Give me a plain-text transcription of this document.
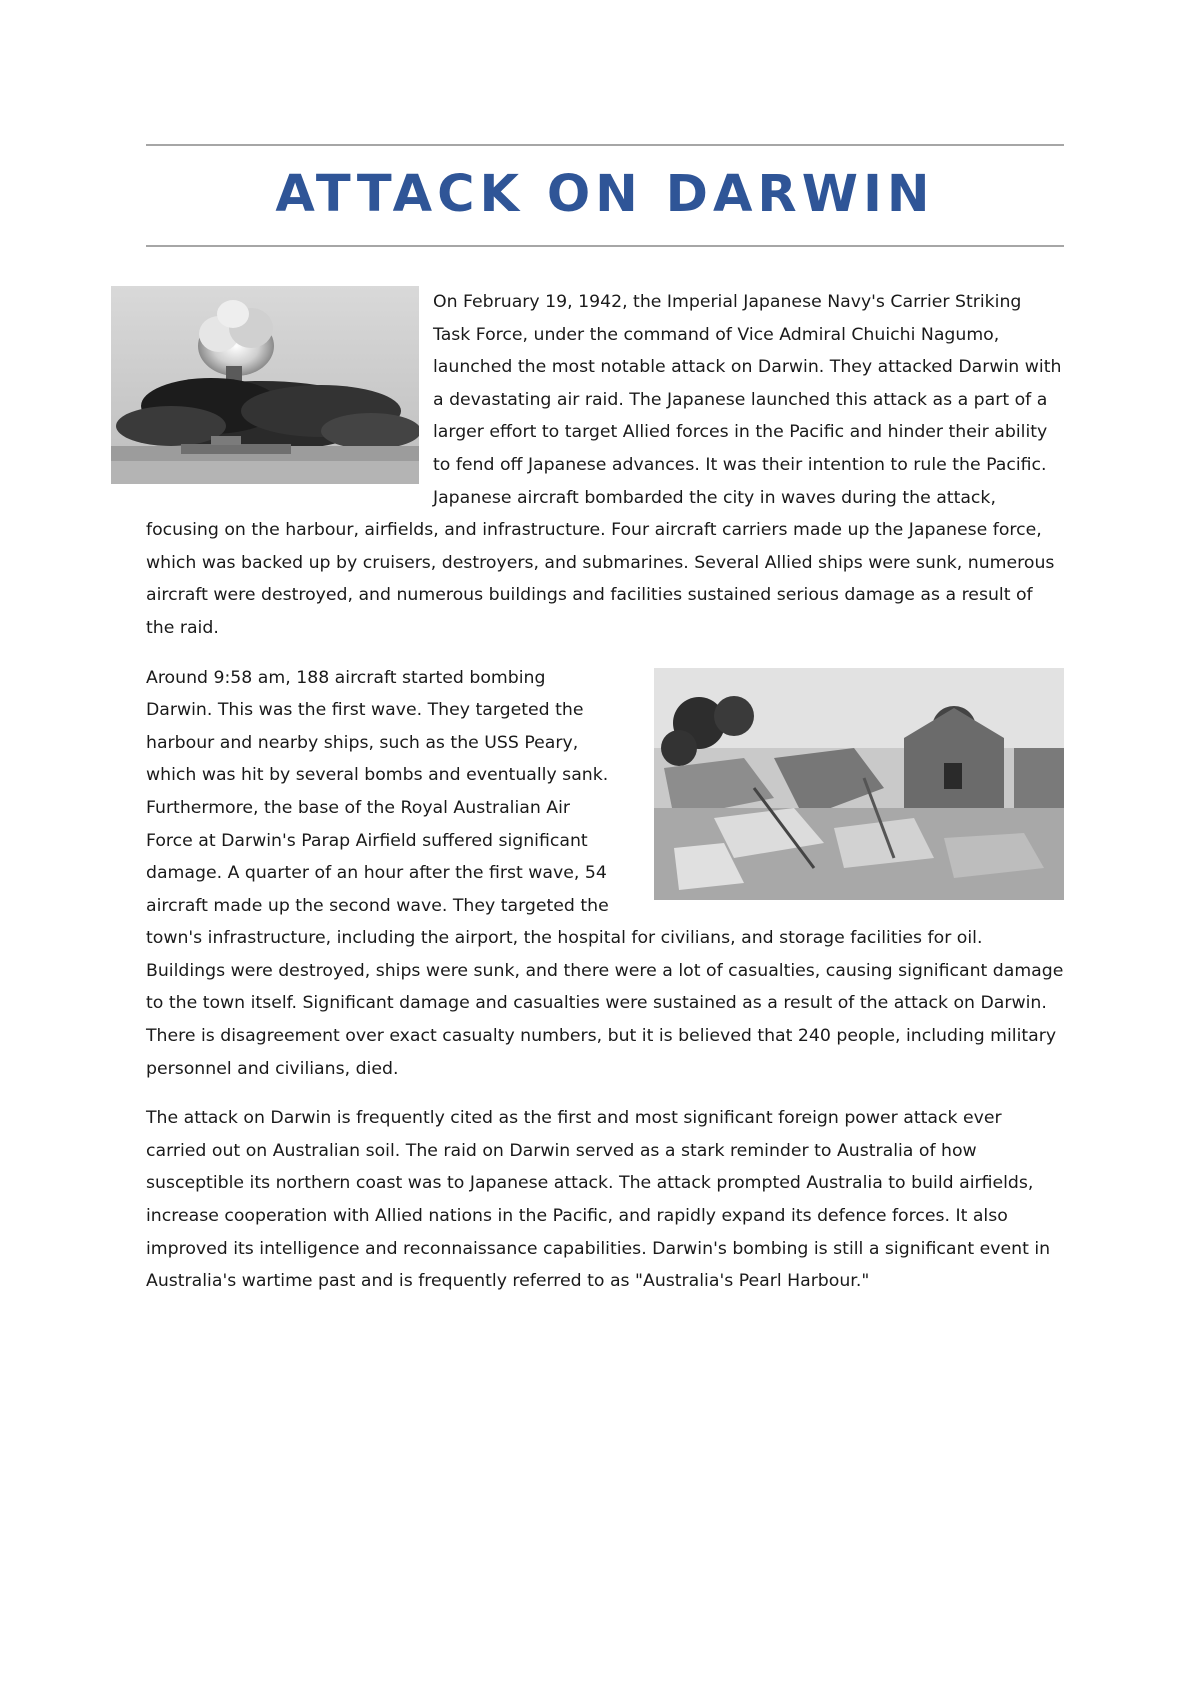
ATTACK ON DARWIN

On February 19, 1942, the Imperial Japanese Navy's Carrier Striking Task Force, under the command of Vice Admiral Chuichi Nagumo, launched the most notable attack on Darwin. They attacked Darwin with a devastating air raid. The Japanese launched this attack as a part of a larger effort to target Allied forces in the Pacific and hinder their ability to fend off Japanese advances. It was their intention to rule the Pacific. Japanese aircraft bombarded the city in waves during the attack, focusing on the harbour, airfields, and infrastructure. Four aircraft carriers made up the Japanese force, which was backed up by cruisers, destroyers, and submarines. Several Allied ships were sunk, numerous aircraft were destroyed, and numerous buildings and facilities sustained serious damage as a result of the raid.

Around 9:58 am, 188 aircraft started bombing Darwin. This was the first wave. They targeted the harbour and nearby ships, such as the USS Peary, which was hit by several bombs and eventually sank. Furthermore, the base of the Royal Australian Air Force at Darwin's Parap Airfield suffered significant damage. A quarter of an hour after the first wave, 54 aircraft made up the second wave. They targeted the town's infrastructure, including the airport, the hospital for civilians, and storage facilities for oil. Buildings were destroyed, ships were sunk, and there were a lot of casualties, causing significant damage to the town itself. Significant damage and casualties were sustained as a result of the attack on Darwin. There is disagreement over exact casualty numbers, but it is believed that 240 people, including military personnel and civilians, died.

The attack on Darwin is frequently cited as the first and most significant foreign power attack ever carried out on Australian soil. The raid on Darwin served as a stark reminder to Australia of how susceptible its northern coast was to Japanese attack. The attack prompted Australia to build airfields, increase cooperation with Allied nations in the Pacific, and rapidly expand its defence forces. It also improved its intelligence and reconnaissance capabilities. Darwin's bombing is still a significant event in Australia's wartime past and is frequently referred to as "Australia's Pearl Harbour."
